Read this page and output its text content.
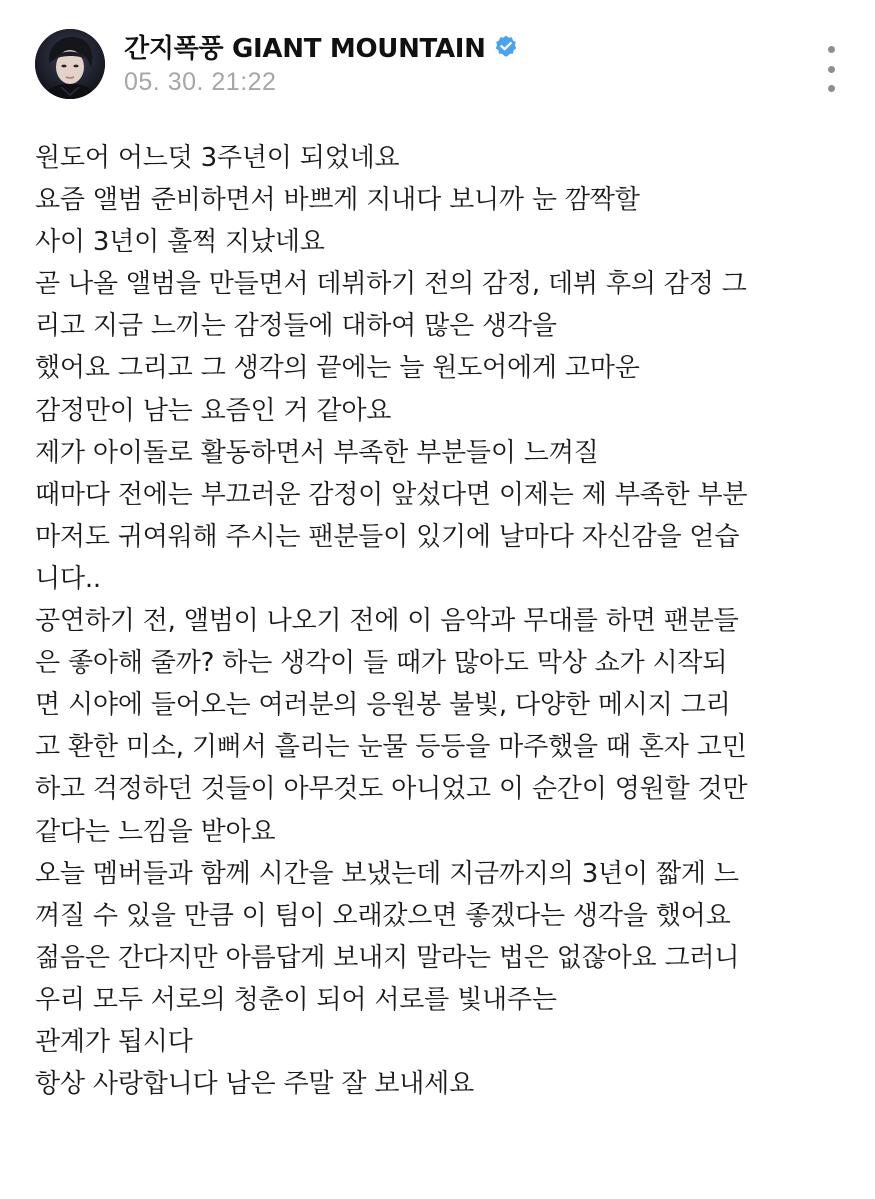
간지폭풍 GIANT MOUNTAIN
05. 30. 21:22
원도어 어느덧 3주년이 되었네요
요즘 앨범 준비하면서 바쁘게 지내다 보니까 눈 깜짝할
사이 3년이 훌쩍 지났네요
곧 나올 앨범을 만들면서 데뷔하기 전의 감정, 데뷔 후의 감정 그
리고 지금 느끼는 감정들에 대하여 많은 생각을
했어요 그리고 그 생각의 끝에는 늘 원도어에게 고마운
감정만이 남는 요즘인 거 같아요
제가 아이돌로 활동하면서 부족한 부분들이 느껴질
때마다 전에는 부끄러운 감정이 앞섰다면 이제는 제 부족한 부분
마저도 귀여워해 주시는 팬분들이 있기에 날마다 자신감을 얻습
니다..
공연하기 전, 앨범이 나오기 전에 이 음악과 무대를 하면 팬분들
은 좋아해 줄까? 하는 생각이 들 때가 많아도 막상 쇼가 시작되
면 시야에 들어오는 여러분의 응원봉 불빛, 다양한 메시지 그리
고 환한 미소, 기뻐서 흘리는 눈물 등등을 마주했을 때 혼자 고민
하고 걱정하던 것들이 아무것도 아니었고 이 순간이 영원할 것만
같다는 느낌을 받아요
오늘 멤버들과 함께 시간을 보냈는데 지금까지의 3년이 짧게 느
껴질 수 있을 만큼 이 팀이 오래갔으면 좋겠다는 생각을 했어요
젊음은 간다지만 아름답게 보내지 말라는 법은 없잖아요 그러니
우리 모두 서로의 청춘이 되어 서로를 빛내주는
관계가 됩시다
항상 사랑합니다 남은 주말 잘 보내세요
